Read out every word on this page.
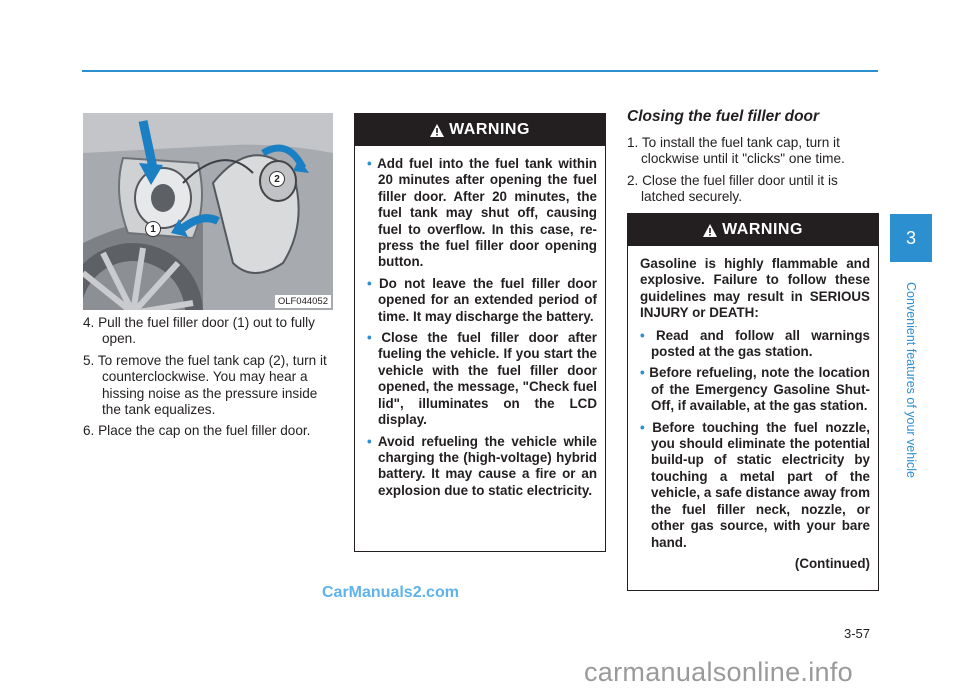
1
2
OLF044052
4. Pull the fuel filler door (1) out to fully open.
5. To remove the fuel tank cap (2), turn it counterclockwise. You may hear a hissing noise as the pressure inside the tank equalizes.
6. Place the cap on the fuel filler door.
WARNING
• Add fuel into the fuel tank within 20 minutes after opening the fuel filler door. After 20 minutes, the fuel tank may shut off, causing fuel to overflow. In this case, re-press the fuel filler door opening button.
• Do not leave the fuel filler door opened for an extended period of time. It may discharge the battery.
• Close the fuel filler door after fueling the vehicle. If you start the vehicle with the fuel filler door opened, the message, "Check fuel lid", illuminates on the LCD display.
• Avoid refueling the vehicle while charging the (high-voltage) hybrid battery. It may cause a fire or an explosion due to static electricity.
Closing the fuel filler door
1. To install the fuel tank cap, turn it clockwise until it "clicks" one time.
2. Close the fuel filler door until it is latched securely.
WARNING
Gasoline is highly flammable and explosive. Failure to follow these guidelines may result in SERIOUS INJURY or DEATH:
• Read and follow all warnings posted at the gas station.
• Before refueling, note the location of the Emergency Gasoline Shut-Off, if available, at the gas station.
• Before touching the fuel nozzle, you should eliminate the potential build-up of static electricity by touching a metal part of the vehicle, a safe distance away from the fuel filler neck, nozzle, or other gas source, with your bare hand.
(Continued)
3
Convenient features of your vehicle
3-57
CarManuals2.com
carmanualsonline.info
